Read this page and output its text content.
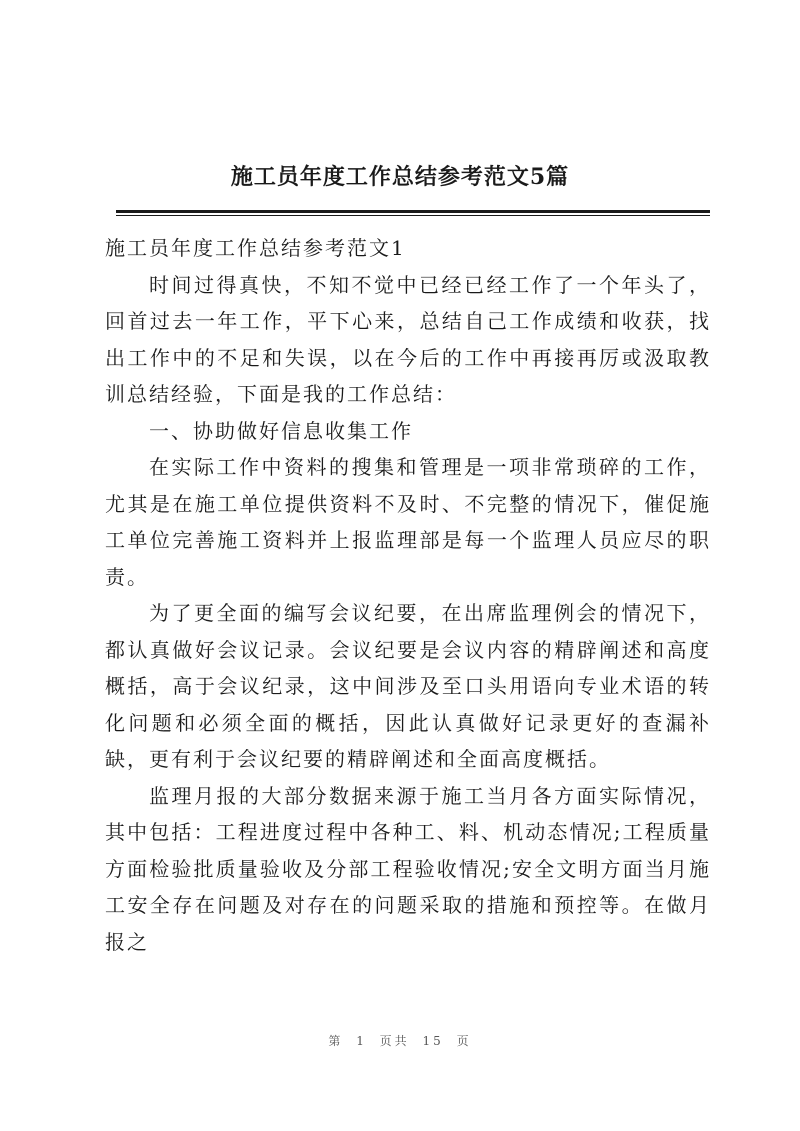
施工员年度工作总结参考范文5篇

施工员年度工作总结参考范文1

时间过得真快，不知不觉中已经已经工作了一个年头了，回首过去一年工作，平下心来，总结自己工作成绩和收获，找出工作中的不足和失误，以在今后的工作中再接再厉或汲取教训总结经验，下面是我的工作总结：

一、协助做好信息收集工作

在实际工作中资料的搜集和管理是一项非常琐碎的工作，尤其是在施工单位提供资料不及时、不完整的情况下，催促施工单位完善施工资料并上报监理部是每一个监理人员应尽的职责。

为了更全面的编写会议纪要，在出席监理例会的情况下，都认真做好会议记录。会议纪要是会议内容的精辟阐述和高度概括，高于会议纪录，这中间涉及至口头用语向专业术语的转化问题和必须全面的概括，因此认真做好记录更好的查漏补缺，更有利于会议纪要的精辟阐述和全面高度概括。

监理月报的大部分数据来源于施工当月各方面实际情况，其中包括：工程进度过程中各种工、料、机动态情况;工程质量方面检验批质量验收及分部工程验收情况;安全文明方面当月施工安全存在问题及对存在的问题采取的措施和预控等。在做月报之

第 1 页共 15 页
